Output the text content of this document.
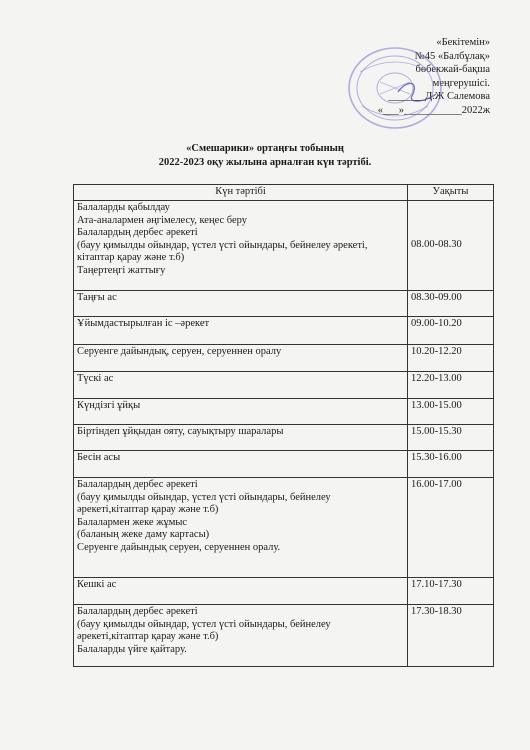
«Бекітемін»
№45 «Балбұлақ»
бөбекжай-бақша
меңгерушісі.
_______Д.Ж Салемова
«___»___________2022ж
«Смешарики» ортаңғы тобының
2022-2023 оқу жылына арналған күн тәртібі.
Күн тәртібі	Уақыты

Балаларды қабылдау
Ата-аналармен әңгімелесу, кеңес беру
Балалардың дербес әрекеті
(бауу қимылды ойындар, үстел үсті ойындары, бейнелеу әрекеті, кітаптар қарау және т.б)
Таңертеңгі жаттығу	08.00-08.30

Таңғы ас	08.30-09.00

Ұйымдастырылған іс –әрекет	09.00-10.20

Серуенге дайындық, серуен, серуеннен оралу	10.20-12.20

Түскі ас	12.20-13.00

Күндізгі ұйқы	13.00-15.00

Біртіндеп ұйқыдан ояту, сауықтыру шаралары	15.00-15.30

Бесін асы	15.30-16.00

Балалардың дербес әрекеті
(бауу қимылды ойындар, үстел үсті ойындары, бейнелеу әрекеті,кітаптар қарау және т.б)
Балалармен жеке жұмыс
(баланың жеке даму картасы)
Серуенге дайындық серуен, серуеннен оралу.	16.00-17.00

Кешкі ас	17.10-17.30

Балалардың дербес әрекеті
(бауу қимылды ойындар, үстел үсті ойындары, бейнелеу әрекеті,кітаптар қарау және т.б)
Балаларды үйге қайтару.	17.30-18.30
